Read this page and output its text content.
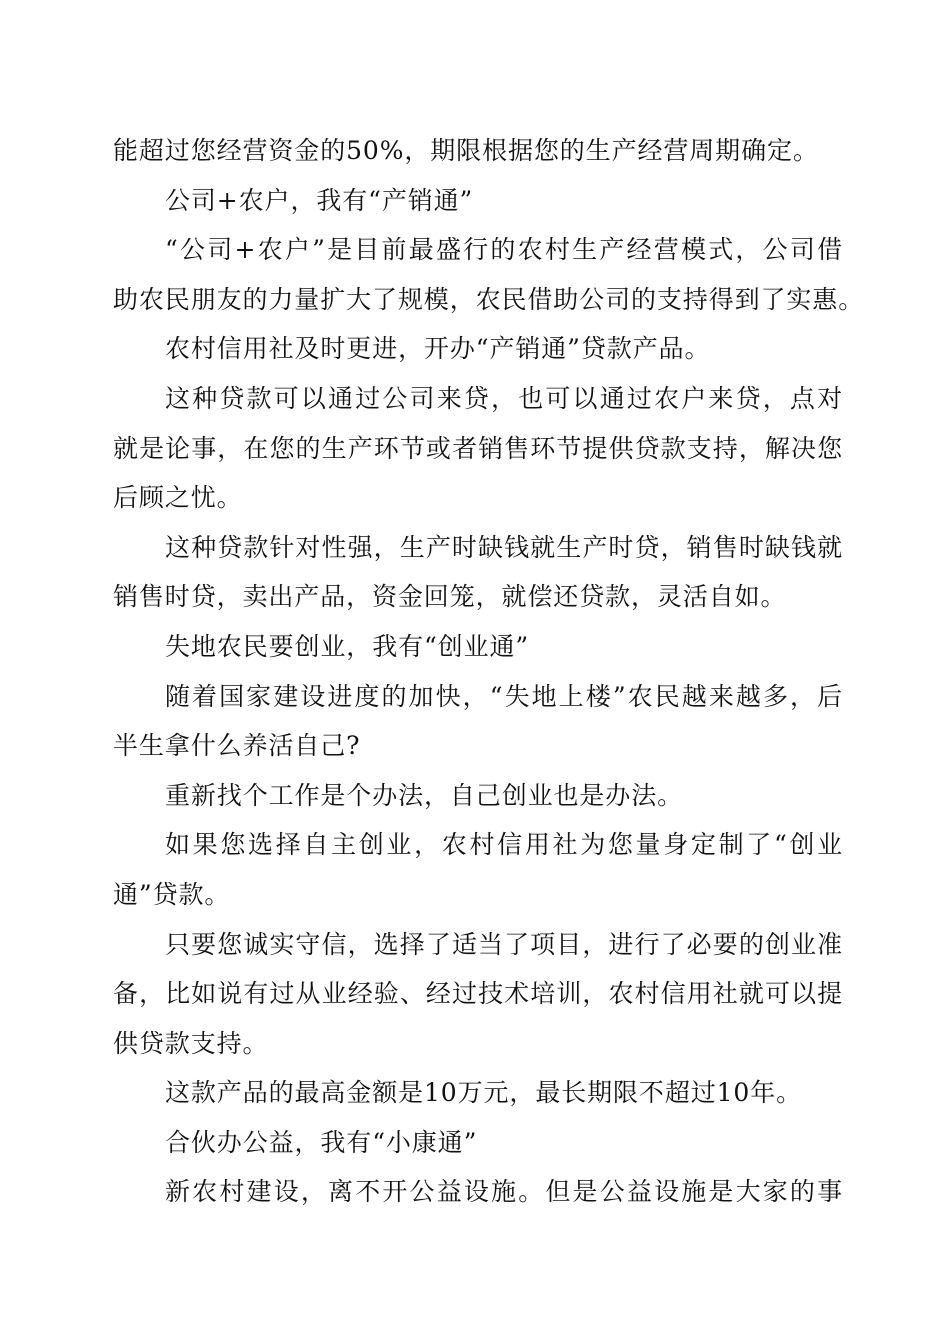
能超过您经营资金的50%，期限根据您的生产经营周期确定。
公司+农户，我有“产销通”
“公司+农户”是目前最盛行的农村生产经营模式，公司借
助农民朋友的力量扩大了规模，农民借助公司的支持得到了实惠。
农村信用社及时更进，开办“产销通”贷款产品。
这种贷款可以通过公司来贷，也可以通过农户来贷，点对
就是论事，在您的生产环节或者销售环节提供贷款支持，解决您
后顾之忧。
这种贷款针对性强，生产时缺钱就生产时贷，销售时缺钱就
销售时贷，卖出产品，资金回笼，就偿还贷款，灵活自如。
失地农民要创业，我有“创业通”
随着国家建设进度的加快，“失地上楼”农民越来越多，后
半生拿什么养活自己?
重新找个工作是个办法，自己创业也是办法。
如果您选择自主创业，农村信用社为您量身定制了“创业
通”贷款。
只要您诚实守信，选择了适当了项目，进行了必要的创业准
备，比如说有过从业经验、经过技术培训，农村信用社就可以提
供贷款支持。
这款产品的最高金额是10万元，最长期限不超过10年。
合伙办公益，我有“小康通”
新农村建设，离不开公益设施。但是公益设施是大家的事
